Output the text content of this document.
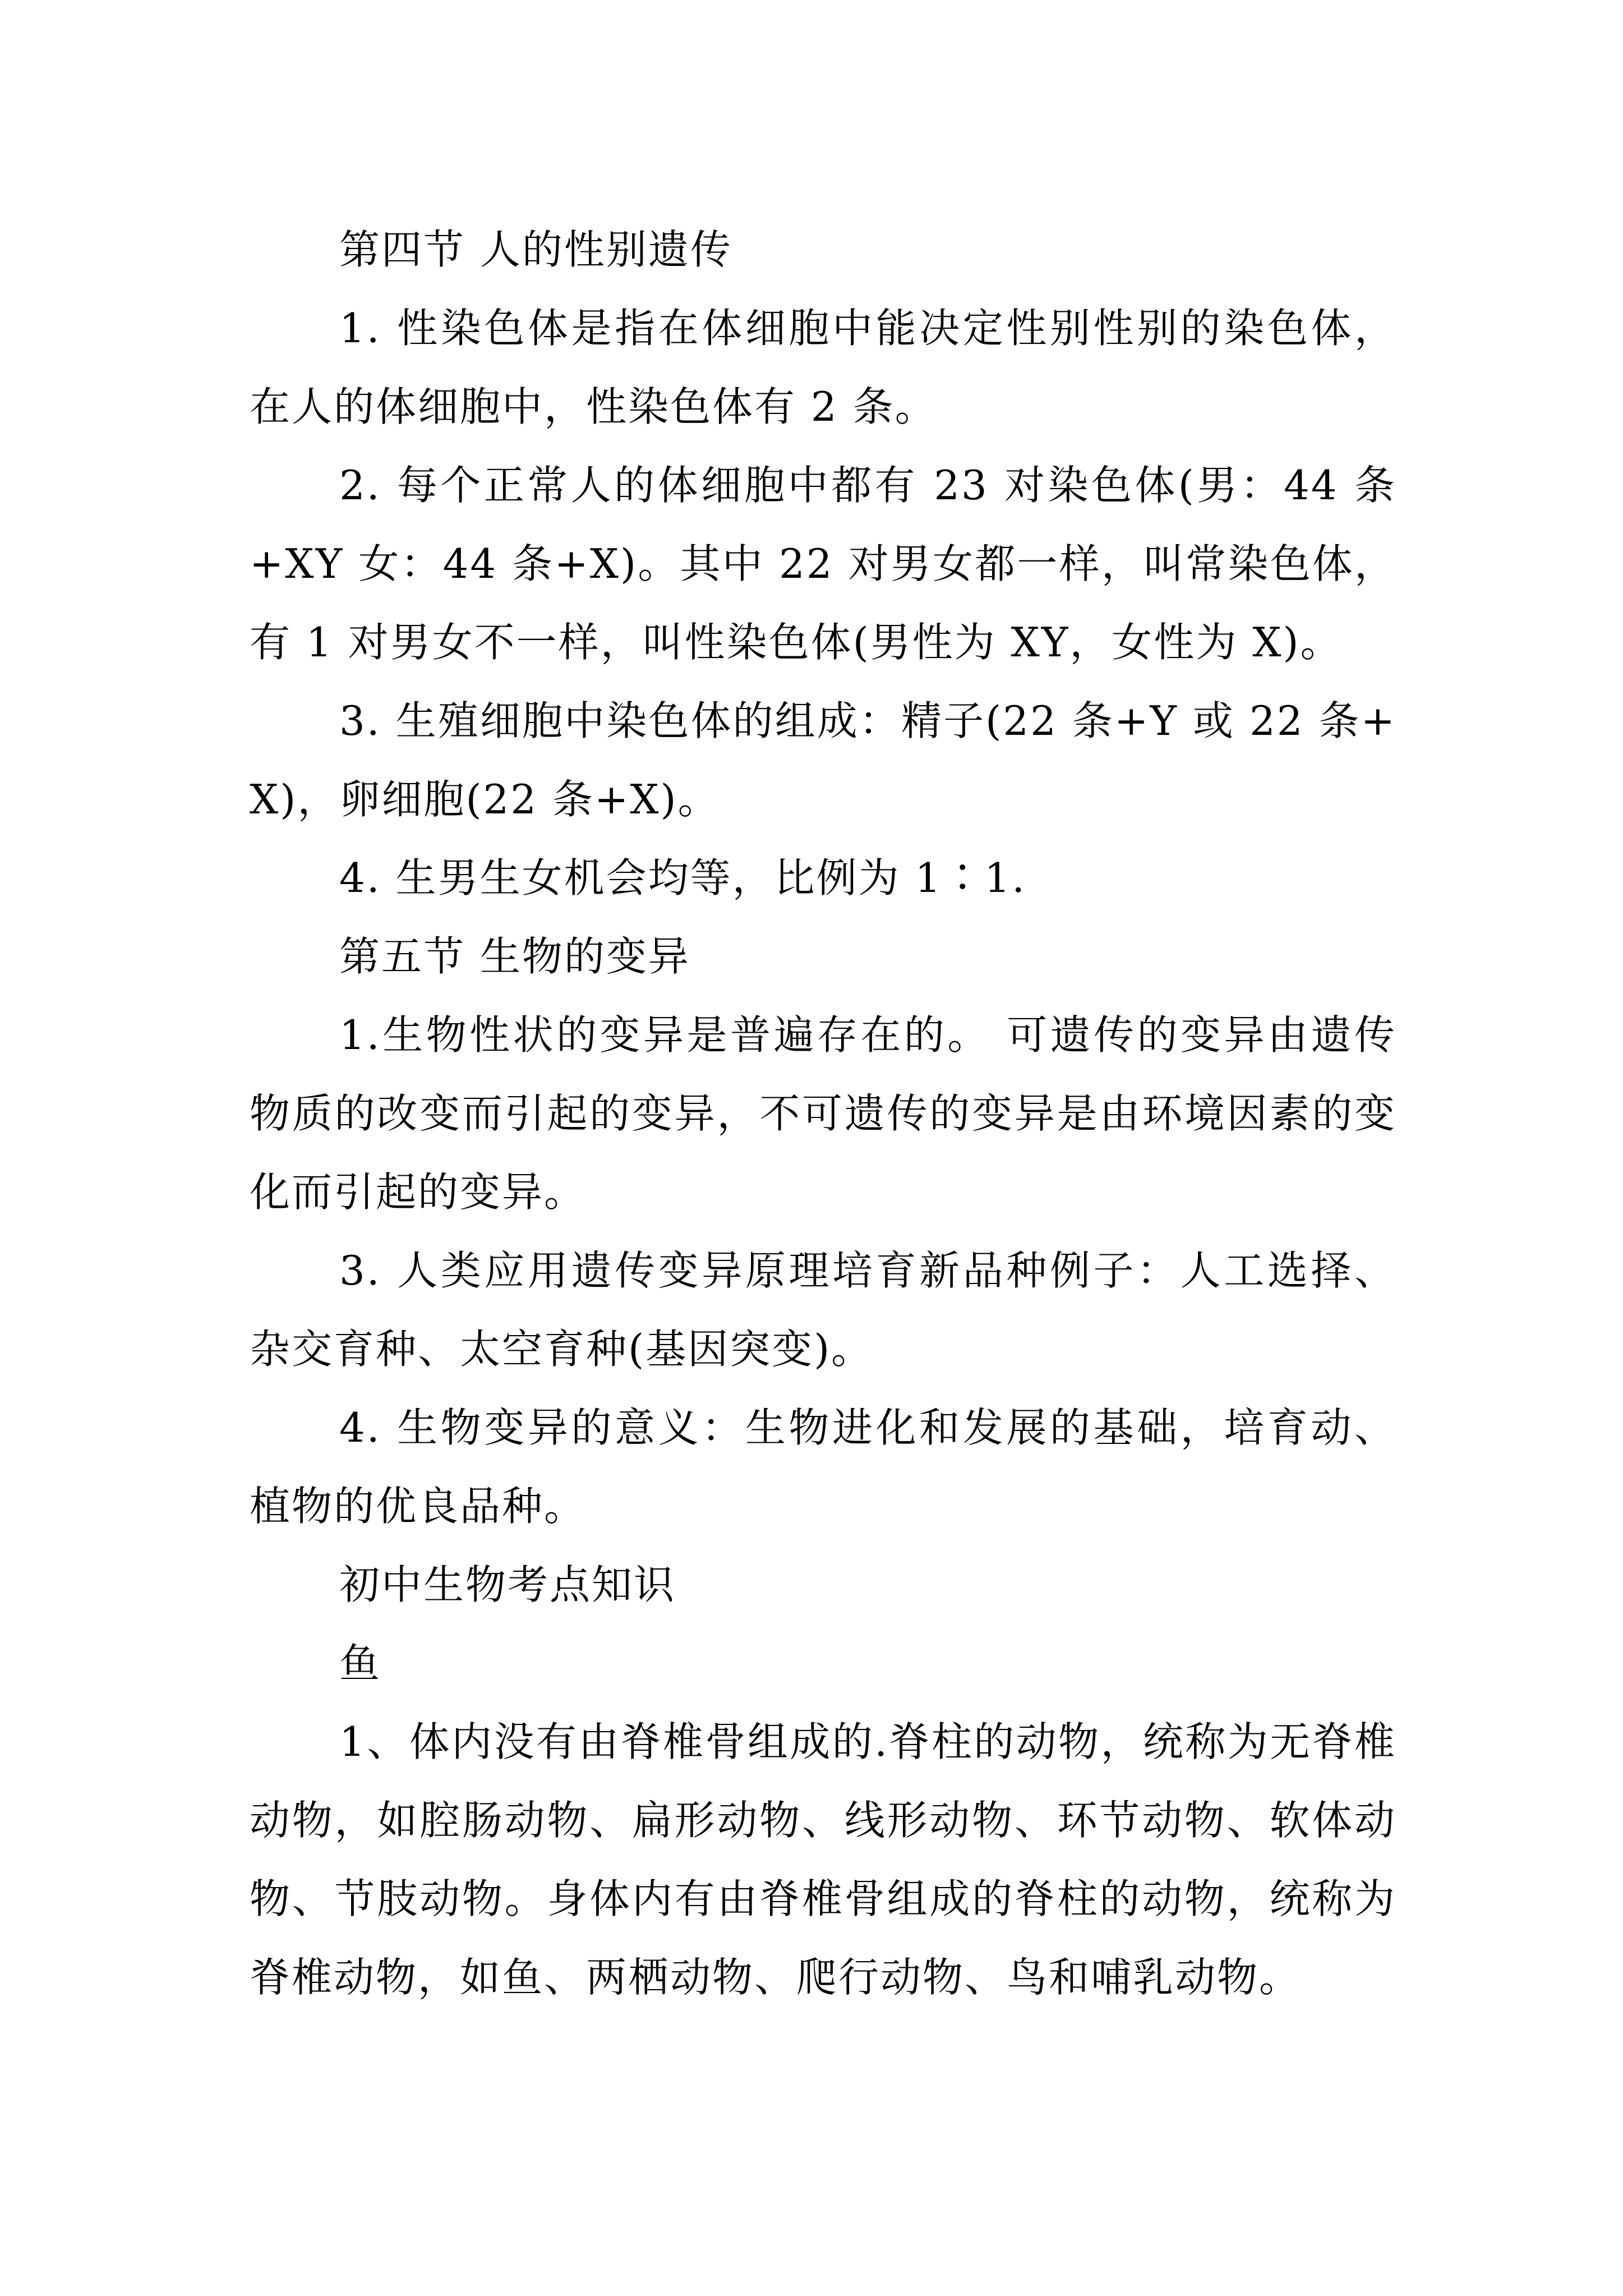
第四节 人的性别遗传

1. 性染色体是指在体细胞中能决定性别性别的染色体，在人的体细胞中，性染色体有 2 条。

2. 每个正常人的体细胞中都有 23 对染色体(男：44 条+XY 女：44 条+X)。其中 22 对男女都一样，叫常染色体，有 1 对男女不一样，叫性染色体(男性为 XY，女性为 X)。

3. 生殖细胞中染色体的组成：精子(22 条+Y 或 22 条+X)，卵细胞(22 条+X)。

4. 生男生女机会均等，比例为 1∶1.

第五节 生物的变异

1.生物性状的变异是普遍存在的。 可遗传的变异由遗传物质的改变而引起的变异，不可遗传的变异是由环境因素的变化而引起的变异。

3. 人类应用遗传变异原理培育新品种例子：人工选择、杂交育种、太空育种(基因突变)。

4. 生物变异的意义：生物进化和发展的基础，培育动、植物的优良品种。

初中生物考点知识

鱼

1、体内没有由脊椎骨组成的.脊柱的动物，统称为无脊椎动物，如腔肠动物、扁形动物、线形动物、环节动物、软体动物、节肢动物。身体内有由脊椎骨组成的脊柱的动物，统称为脊椎动物，如鱼、两栖动物、爬行动物、鸟和哺乳动物。
